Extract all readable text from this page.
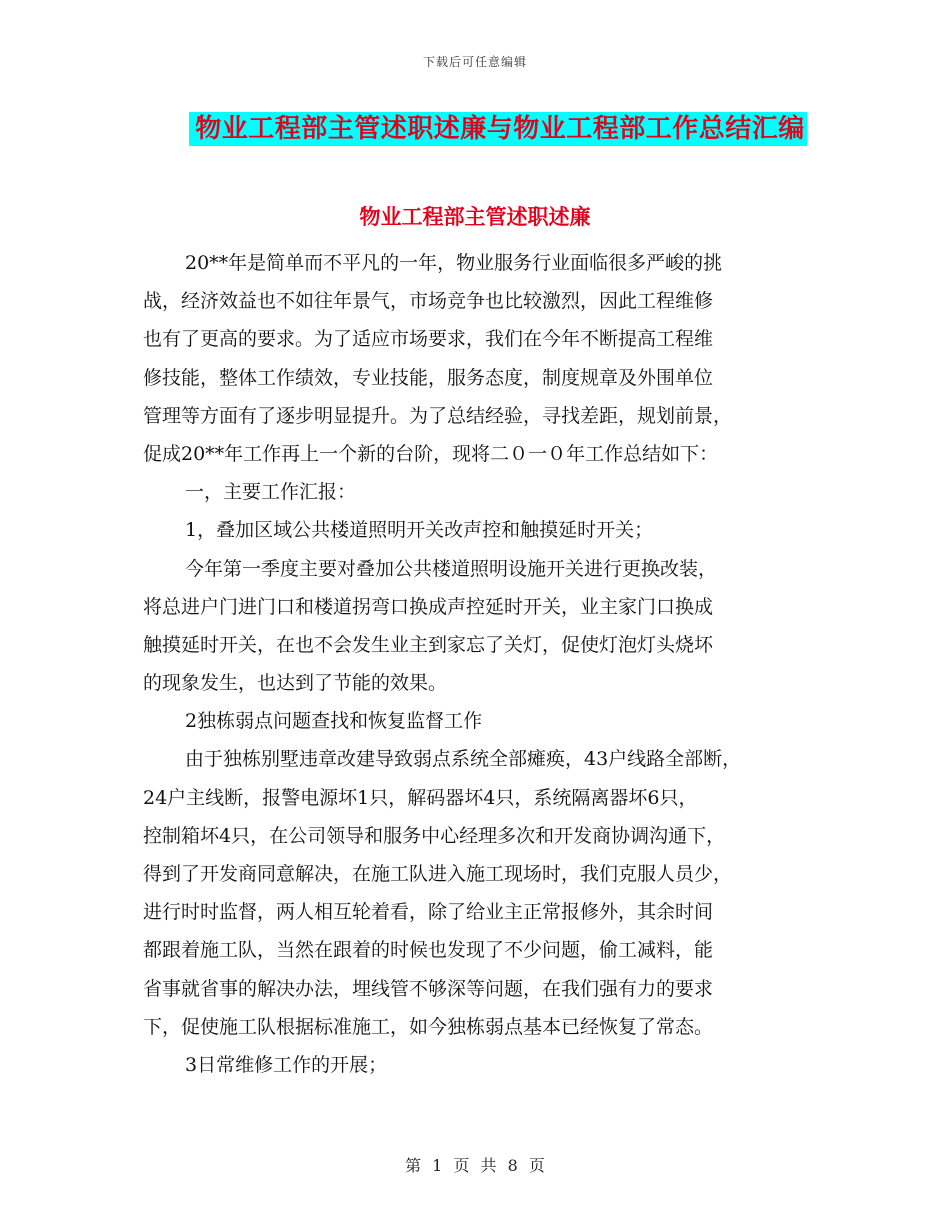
下载后可任意编辑
物业工程部主管述职述廉与物业工程部工作总结汇编
物业工程部主管述职述廉
20**年是简单而不平凡的一年，物业服务行业面临很多严峻的挑
战，经济效益也不如往年景气，市场竞争也比较激烈，因此工程维修
也有了更高的要求。为了适应市场要求，我们在今年不断提高工程维
修技能，整体工作绩效，专业技能，服务态度，制度规章及外围单位
管理等方面有了逐步明显提升。为了总结经验，寻找差距，规划前景，
促成20**年工作再上一个新的台阶，现将二０一０年工作总结如下：
一，主要工作汇报：
1，叠加区域公共楼道照明开关改声控和触摸延时开关；
今年第一季度主要对叠加公共楼道照明设施开关进行更换改装，
将总进户门进门口和楼道拐弯口换成声控延时开关，业主家门口换成
触摸延时开关，在也不会发生业主到家忘了关灯，促使灯泡灯头烧坏
的现象发生，也达到了节能的效果。
2独栋弱点问题查找和恢复监督工作
由于独栋别墅违章改建导致弱点系统全部瘫痪，43户线路全部断，
24户主线断，报警电源坏1只，解码器坏4只，系统隔离器坏6只，
控制箱坏4只，在公司领导和服务中心经理多次和开发商协调沟通下，
得到了开发商同意解决，在施工队进入施工现场时，我们克服人员少，
进行时时监督，两人相互轮着看，除了给业主正常报修外，其余时间
都跟着施工队，当然在跟着的时候也发现了不少问题，偷工减料，能
省事就省事的解决办法，埋线管不够深等问题，在我们强有力的要求
下，促使施工队根据标准施工，如今独栋弱点基本已经恢复了常态。
3日常维修工作的开展；
第 1 页 共 8 页
